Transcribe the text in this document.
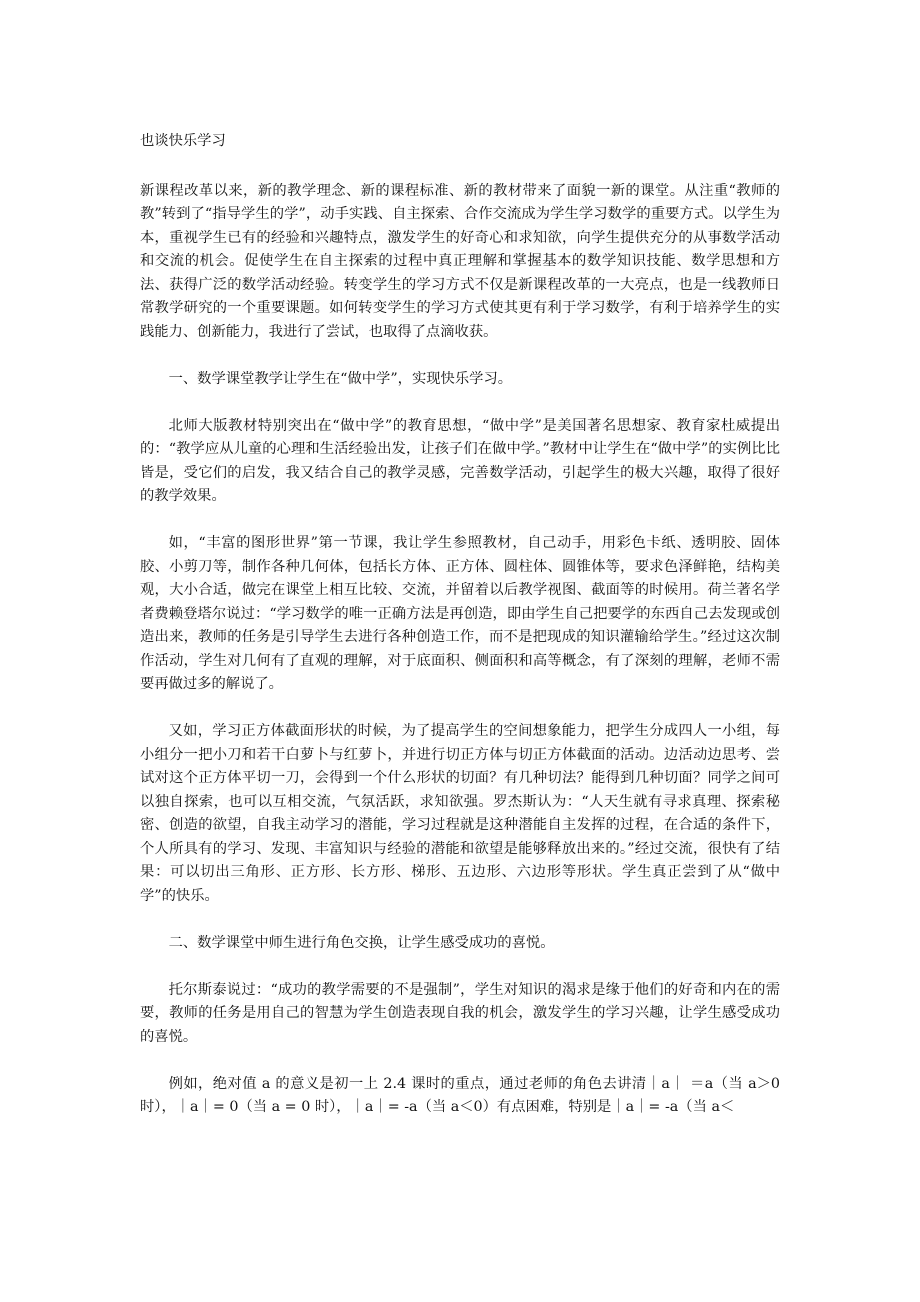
也谈快乐学习

新课程改革以来，新的教学理念、新的课程标准、新的教材带来了面貌一新的课堂。从注重“教师的教”转到了“指导学生的学”，动手实践、自主探索、合作交流成为学生学习数学的重要方式。以学生为本，重视学生已有的经验和兴趣特点，激发学生的好奇心和求知欲，向学生提供充分的从事数学活动和交流的机会。促使学生在自主探索的过程中真正理解和掌握基本的数学知识技能、数学思想和方法、获得广泛的数学活动经验。转变学生的学习方式不仅是新课程改革的一大亮点，也是一线教师日常教学研究的一个重要课题。如何转变学生的学习方式使其更有利于学习数学，有利于培养学生的实践能力、创新能力，我进行了尝试，也取得了点滴收获。

一、数学课堂教学让学生在“做中学”，实现快乐学习。

北师大版教材特别突出在“做中学”的教育思想，“做中学”是美国著名思想家、教育家杜威提出的：“教学应从儿童的心理和生活经验出发，让孩子们在做中学。”教材中让学生在“做中学”的实例比比皆是，受它们的启发，我又结合自己的教学灵感，完善数学活动，引起学生的极大兴趣，取得了很好的教学效果。

如，“丰富的图形世界”第一节课，我让学生参照教材，自己动手，用彩色卡纸、透明胶、固体胶、小剪刀等，制作各种几何体，包括长方体、正方体、圆柱体、圆锥体等，要求色泽鲜艳，结构美观，大小合适，做完在课堂上相互比较、交流，并留着以后教学视图、截面等的时候用。荷兰著名学者费赖登塔尔说过：“学习数学的唯一正确方法是再创造，即由学生自己把要学的东西自己去发现或创造出来，教师的任务是引导学生去进行各种创造工作，而不是把现成的知识灌输给学生。”经过这次制作活动，学生对几何有了直观的理解，对于底面积、侧面积和高等概念，有了深刻的理解，老师不需要再做过多的解说了。

又如，学习正方体截面形状的时候，为了提高学生的空间想象能力，把学生分成四人一小组，每小组分一把小刀和若干白萝卜与红萝卜，并进行切正方体与切正方体截面的活动。边活动边思考、尝试对这个正方体平切一刀，会得到一个什么形状的切面？有几种切法？能得到几种切面？同学之间可以独自探索，也可以互相交流，气氛活跃，求知欲强。罗杰斯认为：“人天生就有寻求真理、探索秘密、创造的欲望，自我主动学习的潜能，学习过程就是这种潜能自主发挥的过程，在合适的条件下，个人所具有的学习、发现、丰富知识与经验的潜能和欲望是能够释放出来的。”经过交流，很快有了结果：可以切出三角形、正方形、长方形、梯形、五边形、六边形等形状。学生真正尝到了从“做中学”的快乐。

二、数学课堂中师生进行角色交换，让学生感受成功的喜悦。

托尔斯泰说过：“成功的教学需要的不是强制”，学生对知识的渴求是缘于他们的好奇和内在的需要，教师的任务是用自己的智慧为学生创造表现自我的机会，激发学生的学习兴趣，让学生感受成功的喜悦。

例如，绝对值 a 的意义是初一上 2.4 课时的重点，通过老师的角色去讲清｜a｜ ＝a（当 a＞0 时），｜a｜= 0（当 a = 0 时），｜a｜= -a（当 a＜0）有点困难，特别是｜a｜= -a（当 a＜
